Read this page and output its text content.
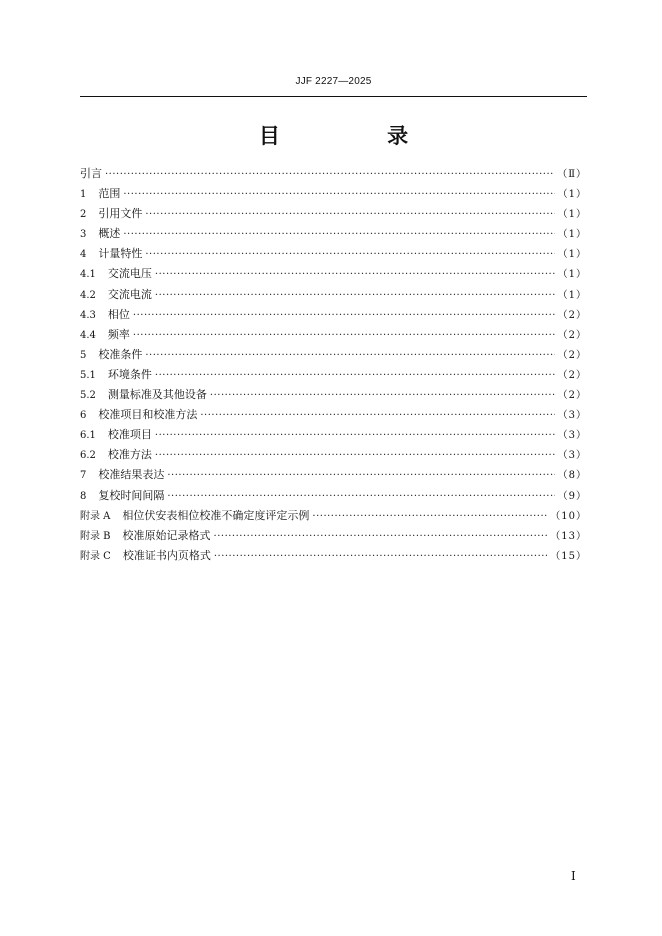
JJF 2227—2025
目 录
引言 ·····	（Ⅱ）
1 范围 ·····	（1）
2 引用文件 ·····	（1）
3 概述 ·····	（1）
4 计量特性 ·····	（1）
4.1 交流电压 ·····	（1）
4.2 交流电流 ·····	（1）
4.3 相位 ·····	（2）
4.4 频率 ·····	（2）
5 校准条件 ·····	（2）
5.1 环境条件 ·····	（2）
5.2 测量标准及其他设备 ·····	（2）
6 校准项目和校准方法 ·····	（3）
6.1 校准项目 ·····	（3）
6.2 校准方法 ·····	（3）
7 校准结果表达 ·····	（8）
8 复校时间间隔 ·····	（9）
附录 A 相位伏安表相位校准不确定度评定示例 ·····	（10）
附录 B 校准原始记录格式 ·····	（13）
附录 C 校准证书内页格式 ·····	（15）
Ⅰ
